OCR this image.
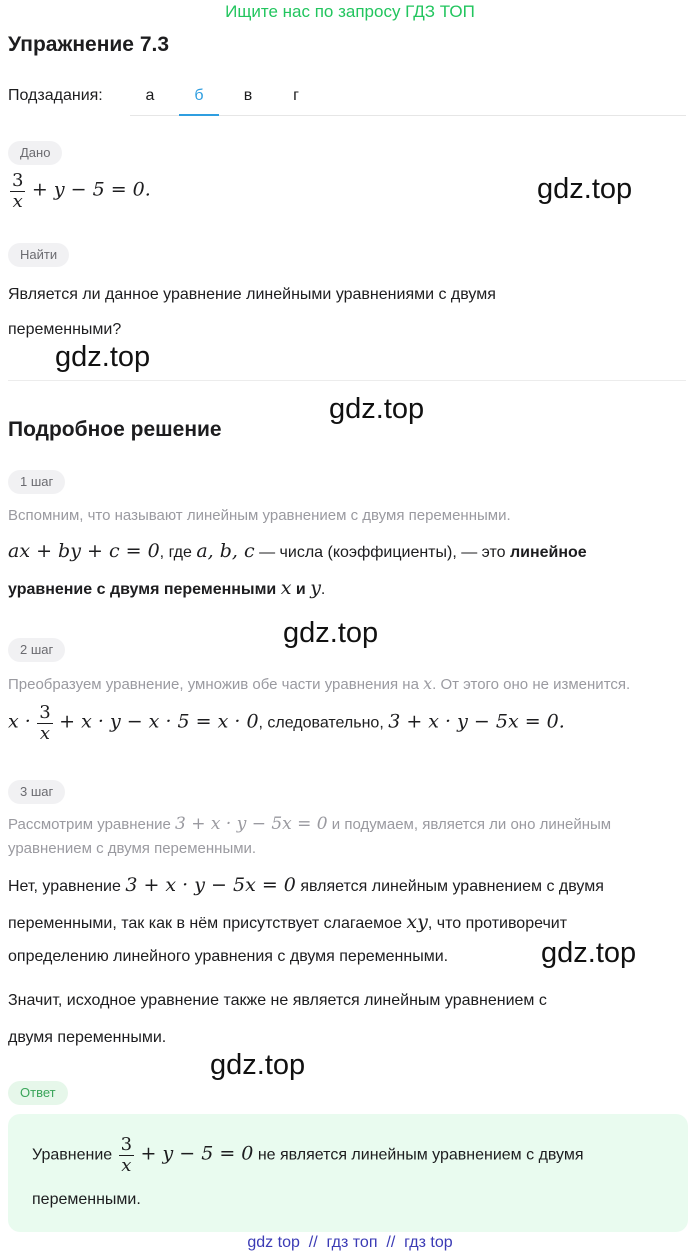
Ищите нас по запросу ГДЗ ТОП
Упражнение 7.3
Подзадания:	а	б	в	г
Дано
$\frac{3}{x} + y - 5 = 0$.	gdz.top
Найти
Является ли данное уравнение линейными уравнениями с двумя
переменными?
gdz.top
gdz.top
Подробное решение
1 шаг
Вспомним, что называют линейным уравнением с двумя переменными.
ax + by + c = 0, где a, b, c — числа (коэффициенты), — это линейное
уравнение с двумя переменными x и y.
gdz.top
2 шаг
Преобразуем уравнение, умножив обе части уравнения на x. От этого оно не изменится.
$x \cdot \frac{3}{x} + x \cdot y - x \cdot 5 = x \cdot 0$, следовательно, 3 + x · y − 5x = 0.
3 шаг
Рассмотрим уравнение 3 + x · y − 5x = 0 и подумаем, является ли оно линейным
уравнением с двумя переменными.
Нет, уравнение 3 + x · y − 5x = 0 является линейным уравнением с двумя
переменными, так как в нём присутствует слагаемое xy, что противоречит
определению линейного уравнения с двумя переменными.	gdz.top
Значит, исходное уравнение также не является линейным уравнением с
двумя переменными.
gdz.top
Ответ
Уравнение $\frac{3}{x} + y - 5 = 0$ не является линейным уравнением с двумя
переменными.
gdz top  //  гдз топ  //  гдз top
